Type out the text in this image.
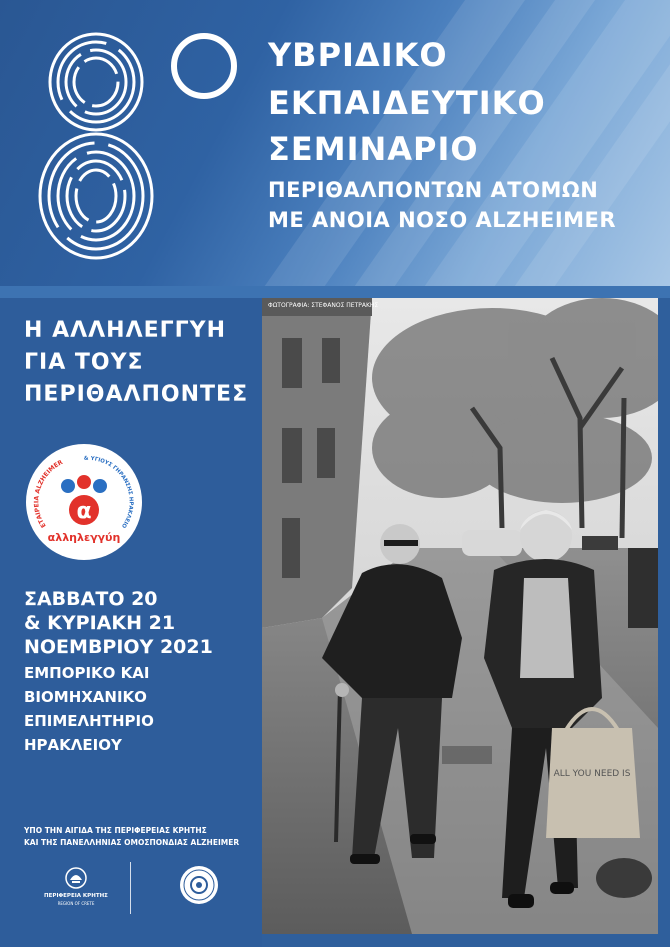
ΥΒΡΙΔΙΚΟ
ΕΚΠΑΙΔΕΥΤΙΚΟ
ΣΕΜΙΝΑΡΙΟ
ΠΕΡΙΘΑΛΠΟΝΤΩΝ ΑΤΟΜΩΝ
ΜΕ ΑΝΟΙΑ ΝΟΣΟ ALZHEIMER
Η ΑΛΛΗΛΕΓΓΥΗ
ΓΙΑ ΤΟΥΣ
ΠΕΡΙΘΑΛΠΟΝΤΕΣ
ΕΤΑΙΡΕΙΑ ALZHEIMER
& ΥΓΙΟΥΣ ΓΗΡΑΝΣΗΣ ΗΡΑΚΛΕΙΟ
α
αλληλεγγύη
ΣΑΒΒΑΤΟ 20
& ΚΥΡΙΑΚΗ 21
ΝΟΕΜΒΡΙΟΥ 2021
ΕΜΠΟΡΙΚΟ ΚΑΙ
ΒΙΟΜΗΧΑΝΙΚΟ
ΕΠΙΜΕΛΗΤΗΡΙΟ
ΗΡΑΚΛΕΙΟΥ
ΥΠΟ ΤΗΝ ΑΙΓΙΔΑ ΤΗΣ ΠΕΡΙΦΕΡΕΙΑΣ ΚΡΗΤΗΣ
ΚΑΙ ΤΗΣ ΠΑΝΕΛΛΗΝΙΑΣ ΟΜΟΣΠΟΝΔΙΑΣ ALZHEIMER
ΠΕΡΙΦΕΡΕΙΑ ΚΡΗΤΗΣ
REGION OF CRETE
ALL YOU NEED IS
ΦΩΤΟΓΡΑΦΙΑ: ΣΤΕΦΑΝΟΣ ΠΕΤΡΑΚΗΣ
